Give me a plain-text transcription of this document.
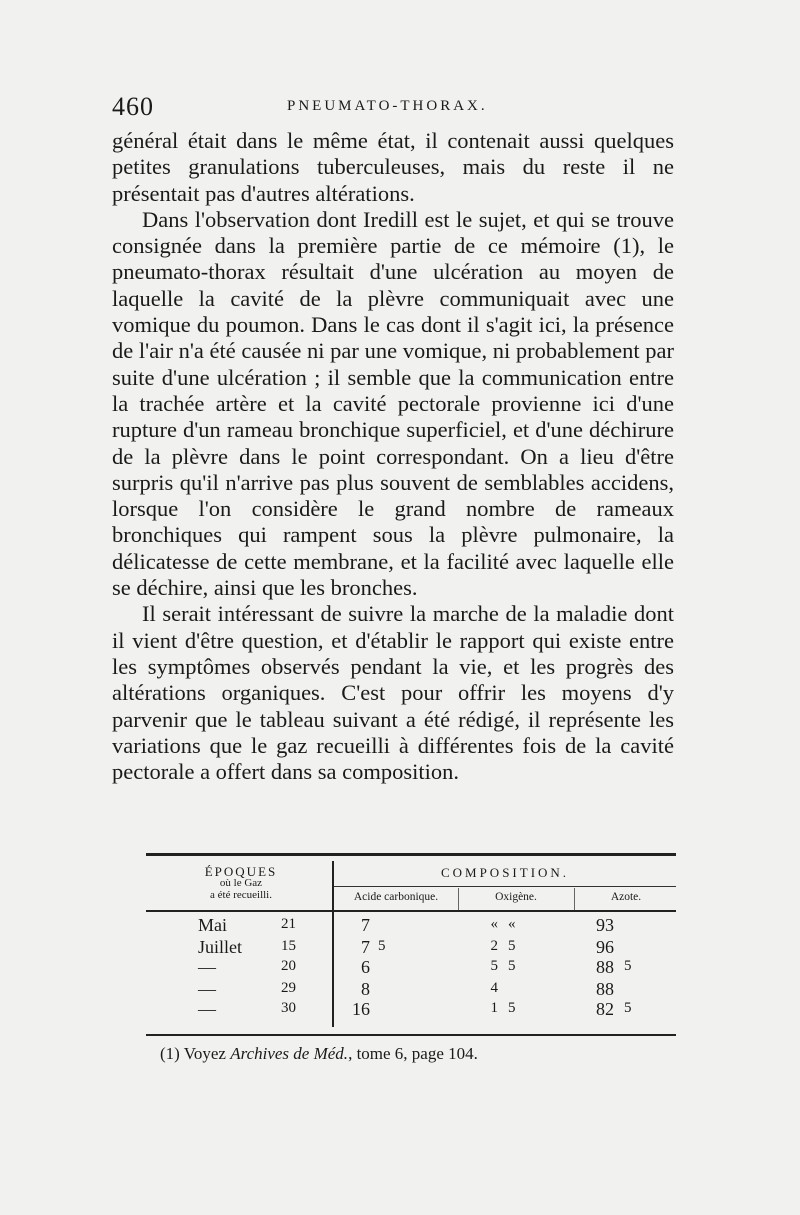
460	PNEUMATO-THORAX.

général était dans le même état, il contenait aussi quelques petites granulations tuberculeuses, mais du reste il ne présentait pas d'autres altérations.

Dans l'observation dont Iredill est le sujet, et qui se trouve consignée dans la première partie de ce mémoire (1), le pneumato-thorax résultait d'une ulcération au moyen de laquelle la cavité de la plèvre communiquait avec une vomique du poumon. Dans le cas dont il s'agit ici, la présence de l'air n'a été causée ni par une vomique, ni probablement par suite d'une ulcération ; il semble que la communication entre la trachée artère et la cavité pectorale provienne ici d'une rupture d'un rameau bronchique superficiel, et d'une déchirure de la plèvre dans le point correspondant. On a lieu d'être surpris qu'il n'arrive pas plus souvent de semblables accidens, lorsque l'on considère le grand nombre de rameaux bronchiques qui rampent sous la plèvre pulmonaire, la délicatesse de cette membrane, et la facilité avec laquelle elle se déchire, ainsi que les bronches.

Il serait intéressant de suivre la marche de la maladie dont il vient d'être question, et d'établir le rapport qui existe entre les symptômes observés pendant la vie, et les progrès des altérations organiques. C'est pour offrir les moyens d'y parvenir que le tableau suivant a été rédigé, il représente les variations que le gaz recueilli à différentes fois de la cavité pectorale a offert dans sa composition.

ÉPOQUES
où le Gaz
a été recueilli.
COMPOSITION.
Acide carbonique.	Oxigène.	Azote.
Mai	21	7	« «	93
Juillet	15	7 5	2 5	96
—	20	6	5 5	88 5
—	29	8	4	88
—	30	16	1 5	82 5
(1) Voyez Archives de Méd., tome 6, page 104.
